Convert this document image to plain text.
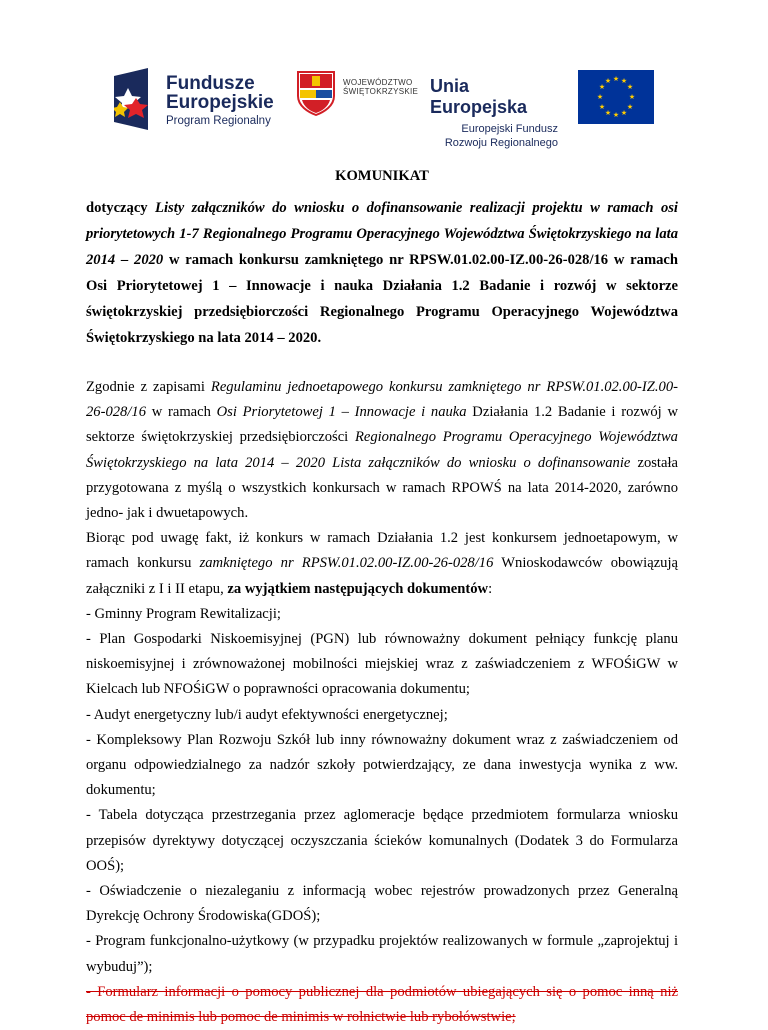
Fundusze
Europejskie
Program Regionalny
WOJEWÓDZTWO
ŚWIĘTOKRZYSKIE Unia Europejska
Europejski Fundusz
Rozwoju Regionalnego
★ ★
★
★
★
★
★
★
★
★
★
★

KOMUNIKAT

dotyczący Listy załączników do wniosku o dofinansowanie realizacji projektu w ramach osi priorytetowych 1-7 Regionalnego Programu Operacyjnego Województwa Świętokrzyskiego na lata 2014 – 2020 w ramach konkursu zamkniętego nr RPSW.01.02.00-IZ.00-26-028/16 w ramach Osi Priorytetowej 1 – Innowacje i nauka Działania 1.2 Badanie i rozwój w sektorze świętokrzyskiej przedsiębiorczości Regionalnego Programu Operacyjnego Województwa Świętokrzyskiego na lata 2014 – 2020.

Zgodnie z zapisami Regulaminu jednoetapowego konkursu zamkniętego nr RPSW.01.02.00-IZ.00-26-028/16 w ramach Osi Priorytetowej 1 – Innowacje i nauka Działania 1.2 Badanie i rozwój w sektorze świętokrzyskiej przedsiębiorczości Regionalnego Programu Operacyjnego Województwa Świętokrzyskiego na lata 2014 – 2020 Lista załączników do wniosku o dofinansowanie została przygotowana z myślą o wszystkich konkursach w ramach RPOWŚ na lata 2014-2020, zarówno jedno- jak i dwuetapowych.

Biorąc pod uwagę fakt, iż konkurs w ramach Działania 1.2 jest konkursem jednoetapowym, w ramach konkursu zamkniętego nr RPSW.01.02.00-IZ.00-26-028/16 Wnioskodawców obowiązują załączniki z I i II etapu, za wyjątkiem następujących dokumentów:

- Gminny Program Rewitalizacji;

- Plan Gospodarki Niskoemisyjnej (PGN) lub równoważny dokument pełniący funkcję planu niskoemisyjnej i zrównoważonej mobilności miejskiej wraz z zaświadczeniem z WFOŚiGW w Kielcach lub NFOŚiGW o poprawności opracowania dokumentu;

- Audyt energetyczny lub/i audyt efektywności energetycznej;

- Kompleksowy Plan Rozwoju Szkół lub inny równoważny dokument wraz z zaświadczeniem od organu odpowiedzialnego za nadzór szkoły potwierdzający, ze dana inwestycja wynika z ww. dokumentu;

- Tabela dotycząca przestrzegania przez aglomeracje będące przedmiotem formularza wniosku przepisów dyrektywy dotyczącej oczyszczania ścieków komunalnych (Dodatek 3 do Formularza OOŚ);

- Oświadczenie o niezaleganiu z informacją wobec rejestrów prowadzonych przez Generalną Dyrekcję Ochrony Środowiska(GDOŚ);

- Program funkcjonalno-użytkowy (w przypadku projektów realizowanych w formule „zaprojektuj i wybuduj”);

- Formularz informacji o pomocy publicznej dla podmiotów ubiegających się o pomoc inną niż pomoc de minimis lub pomoc de minimis w rolnictwie lub rybołówstwie;
